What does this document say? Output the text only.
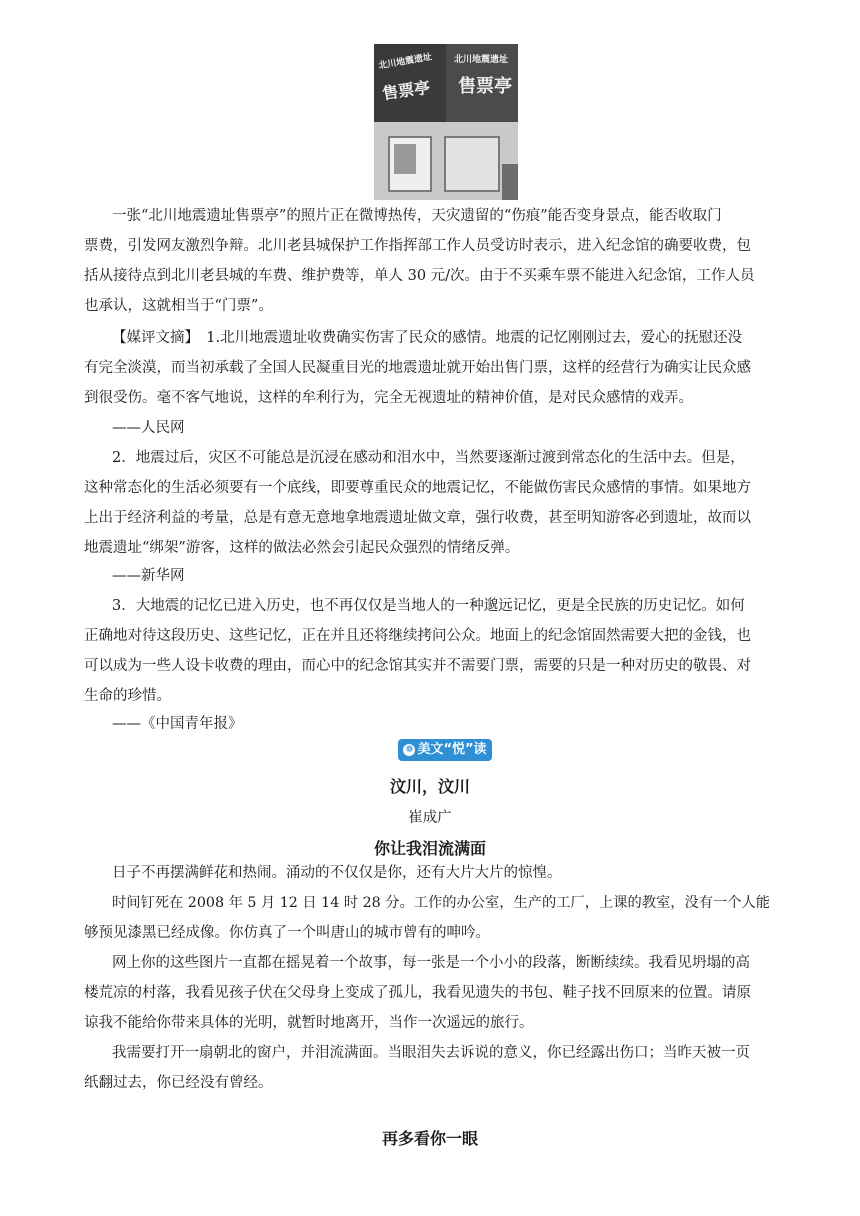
北川地震遗址
售票亭
北川地震遗址
售票亭

一张“北川地震遗址售票亭”的照片正在微博热传，天灾遗留的“伤痕”能否变身景点，能否收取门

票费，引发网友激烈争辩。北川老县城保护工作指挥部工作人员受访时表示，进入纪念馆的确要收费，包

括从接待点到北川老县城的车费、维护费等，单人 30 元/次。由于不买乘车票不能进入纪念馆，工作人员

也承认，这就相当于“门票”。

【媒评文摘】　1.北川地震遗址收费确实伤害了民众的感情。地震的记忆刚刚过去，爱心的抚慰还没

有完全淡漠，而当初承载了全国人民凝重目光的地震遗址就开始出售门票，这样的经营行为确实让民众感

到很受伤。毫不客气地说，这样的牟利行为，完全无视遗址的精神价值，是对民众感情的戏弄。

——人民网

2．地震过后，灾区不可能总是沉浸在感动和泪水中，当然要逐渐过渡到常态化的生活中去。但是，

这种常态化的生活必须要有一个底线，即要尊重民众的地震记忆，不能做伤害民众感情的事情。如果地方

上出于经济利益的考量，总是有意无意地拿地震遗址做文章，强行收费，甚至明知游客必到遗址，故而以

地震遗址“绑架”游客，这样的做法必然会引起民众强烈的情绪反弹。

——新华网

3．大地震的记忆已进入历史，也不再仅仅是当地人的一种邈远记忆，更是全民族的历史记忆。如何

正确地对待这段历史、这些记忆，正在并且还将继续拷问公众。地面上的纪念馆固然需要大把的金钱，也

可以成为一些人设卡收费的理由，而心中的纪念馆其实并不需要门票，需要的只是一种对历史的敬畏、对

生命的珍惜。

——《中国青年报》

❁ 美文“悦”读

汶川，汶川

崔成广

你让我泪流满面

日子不再摆满鲜花和热闹。涌动的不仅仅是你，还有大片大片的惊惶。

时间钉死在 2008 年 5 月 12 日 14 时 28 分。工作的办公室，生产的工厂，上课的教室，没有一个人能

够预见漆黑已经成像。你仿真了一个叫唐山的城市曾有的呻吟。

网上你的这些图片一直都在摇晃着一个故事，每一张是一个小小的段落，断断续续。我看见坍塌的高

楼荒凉的村落，我看见孩子伏在父母身上变成了孤儿，我看见遗失的书包、鞋子找不回原来的位置。请原

谅我不能给你带来具体的光明，就暂时地离开，当作一次遥远的旅行。

我需要打开一扇朝北的窗户，并泪流满面。当眼泪失去诉说的意义，你已经露出伤口；当昨天被一页

纸翻过去，你已经没有曾经。

再多看你一眼
